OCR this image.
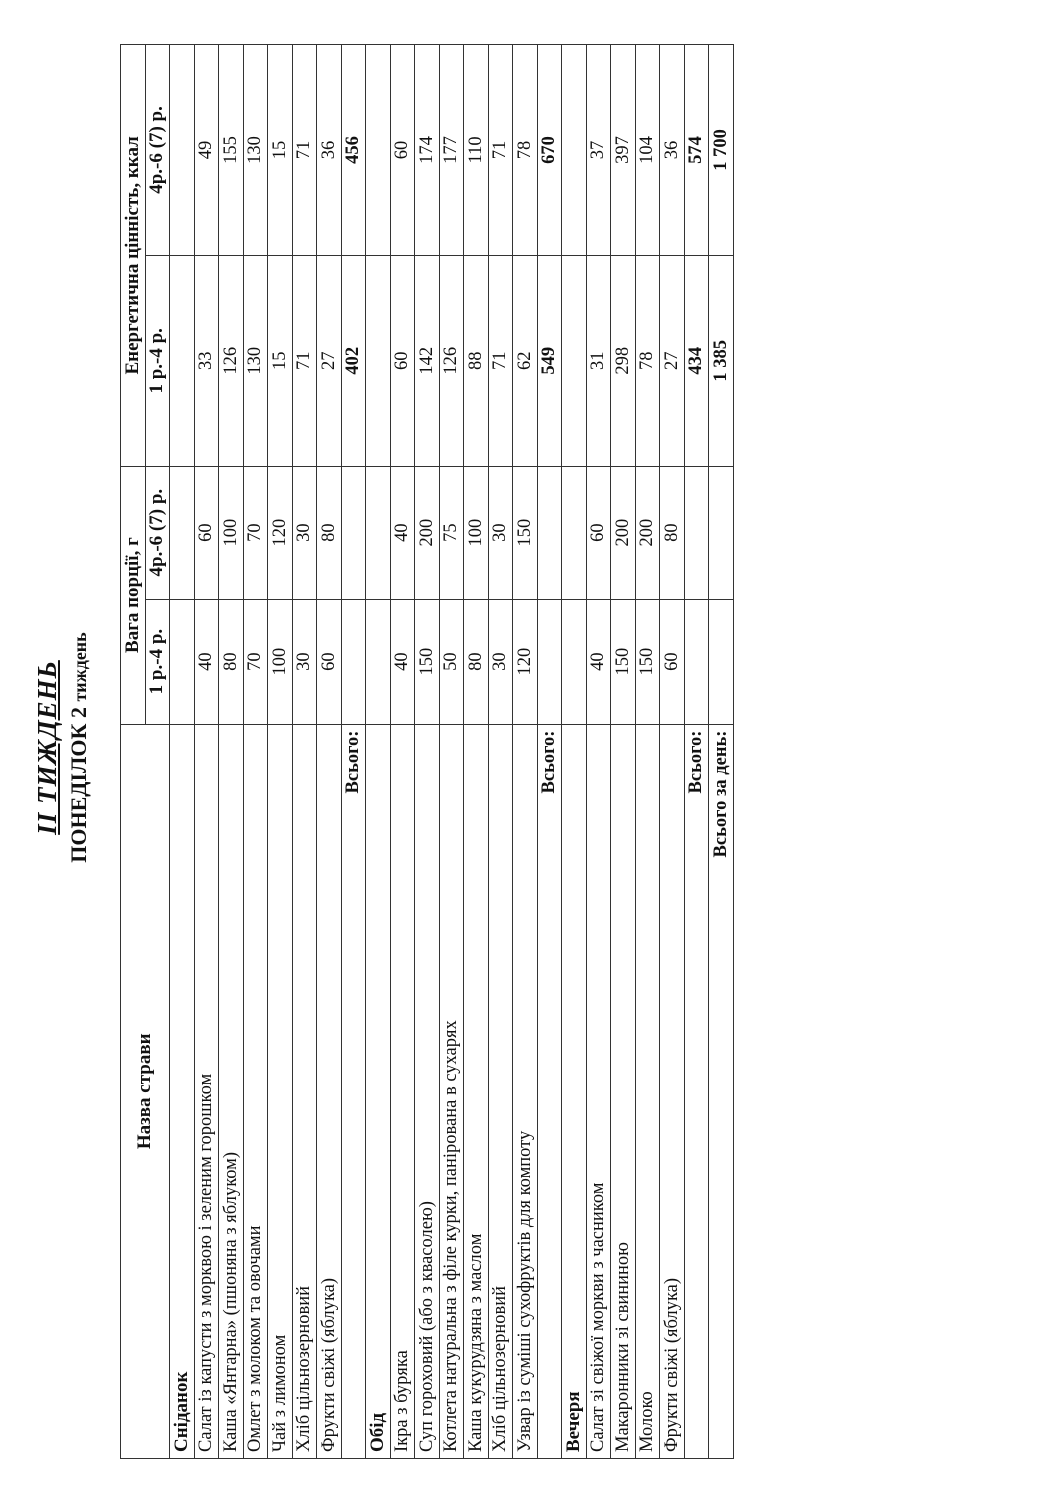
II ТИЖДЕНЬ ПОНЕДІЛОК 2 тиждень
Назва страви	Вага порції, г		Енергетична цінність, ккал	
	1 р.-4 р.	4р.-6 (7) р.	1 р.-4 р.	4р.-6 (7) р.
Сніданок				
Салат із капусти з морквою і зеленим горошком	40	60	33	49
Каша «Янтарна» (пшоняна з яблуком)	80	100	126	155
Омлет з молоком та овочами	70	70	130	130
Чай з лимоном	100	120	15	15
Хліб цільнозерновий	30	30	71	71
Фрукти свіжі (яблука)	60	80	27	36
Всього:			402	456
Обід				
Ікра з буряка	40	40	60	60
Суп гороховий (або з квасолею)	150	200	142	174
Котлета натуральна з філе курки, панірована в сухарях	50	75	126	177
Каша кукурудзяна з маслом	80	100	88	110
Хліб цільнозерновий	30	30	71	71
Узвар із суміші сухофруктів для компоту	120	150	62	78
Всього:			549	670
Вечеря				
Салат зі свіжої моркви з часником	40	60	31	37
Макаронники зі свининою	150	200	298	397
Молоко	150	200	78	104
Фрукти свіжі (яблука)	60	80	27	36
Всього:			434	574
Всього за день:			1 385	1 700
